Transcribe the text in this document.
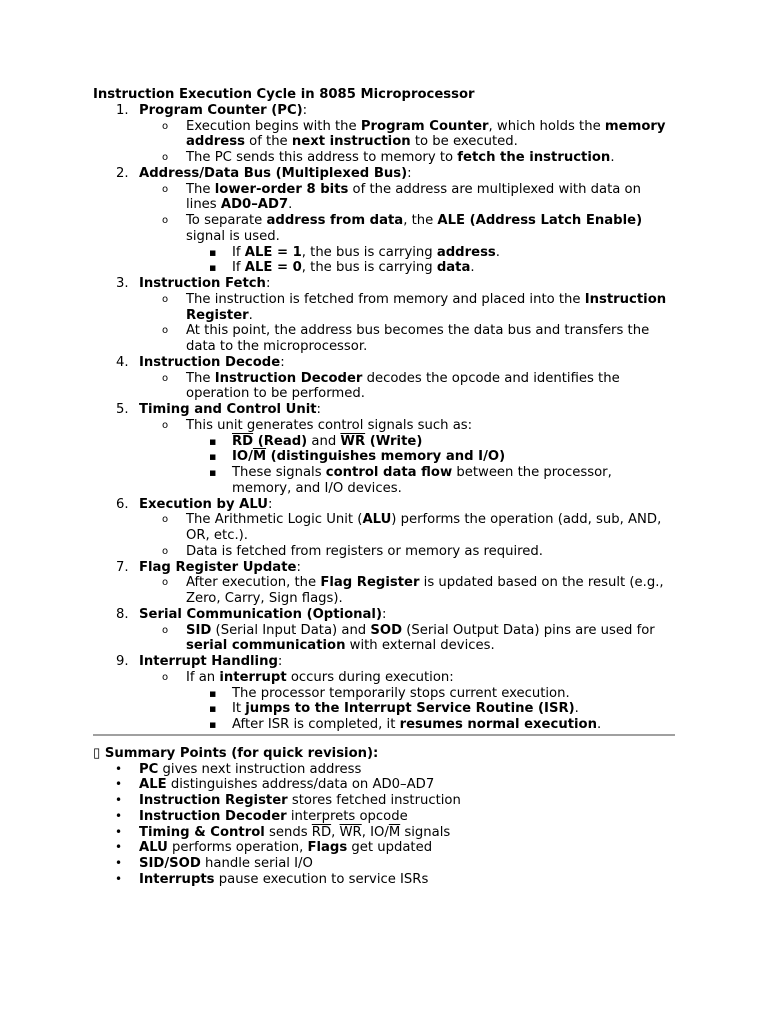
Instruction Execution Cycle in 8085 Microprocessor
1. Program Counter (PC):
o Execution begins with the Program Counter, which holds the memory address of the next instruction to be executed.
o The PC sends this address to memory to fetch the instruction.
2. Address/Data Bus (Multiplexed Bus):
o The lower-order 8 bits of the address are multiplexed with data on lines AD0–AD7.
o To separate address from data, the ALE (Address Latch Enable) signal is used.
▪ If ALE = 1, the bus is carrying address.
▪ If ALE = 0, the bus is carrying data.
3. Instruction Fetch:
o The instruction is fetched from memory and placed into the Instruction Register.
o At this point, the address bus becomes the data bus and transfers the data to the microprocessor.
4. Instruction Decode:
o The Instruction Decoder decodes the opcode and identifies the operation to be performed.
5. Timing and Control Unit:
o This unit generates control signals such as:
▪ $\overline{RD}$ (Read) and $\overline{WR}$ (Write)
▪ $IO/\overline{M}$ (distinguishes memory and I/O)
▪ These signals control data flow between the processor, memory, and I/O devices.
6. Execution by ALU:
o The Arithmetic Logic Unit (ALU) performs the operation (add, sub, AND, OR, etc.).
o Data is fetched from registers or memory as required.
7. Flag Register Update:
o After execution, the Flag Register is updated based on the result (e.g., Zero, Carry, Sign flags).
8. Serial Communication (Optional):
o SID (Serial Input Data) and SOD (Serial Output Data) pins are used for serial communication with external devices.
9. Interrupt Handling:
o If an interrupt occurs during execution:
▪ The processor temporarily stops current execution.
▪ It jumps to the Interrupt Service Routine (ISR).
▪ After ISR is completed, it resumes normal execution.
▯ Summary Points (for quick revision):
• PC gives next instruction address
• ALE distinguishes address/data on AD0–AD7
• Instruction Register stores fetched instruction
• Instruction Decoder interprets opcode
• Timing & Control sends $\overline{RD}$, $\overline{WR}$, $IO/\overline{M}$ signals
• ALU performs operation, Flags get updated
• SID/SOD handle serial I/O
• Interrupts pause execution to service ISRs
